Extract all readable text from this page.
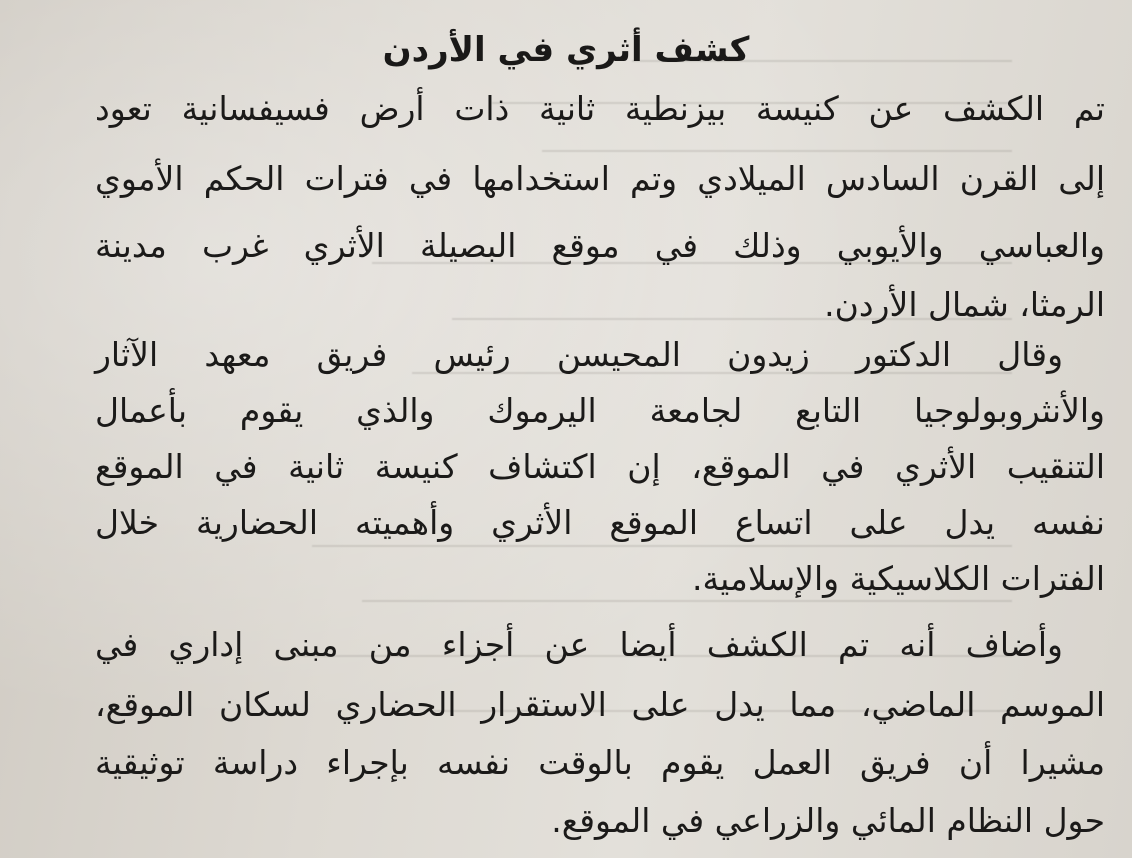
كشف أثري في الأردن
تم الكشف عن كنيسة بيزنطية ثانية ذات أرض فسيفسانية تعود
إلى القرن السادس الميلادي وتم استخدامها في فترات الحكم الأموي
والعباسي والأيوبي وذلك في موقع البصيلة الأثري غرب مدينة
الرمثا، شمال الأردن.
وقال الدكتور زيدون المحيسن رئيس فريق معهد الآثار
والأنثروبولوجيا التابع لجامعة اليرموك والذي يقوم بأعمال
التنقيب الأثري في الموقع، إن اكتشاف كنيسة ثانية في الموقع
نفسه يدل على اتساع الموقع الأثري وأهميته الحضارية خلال
الفترات الكلاسيكية والإسلامية.
وأضاف أنه تم الكشف أيضا عن أجزاء من مبنى إداري في
الموسم الماضي، مما يدل على الاستقرار الحضاري لسكان الموقع،
مشيرا أن فريق العمل يقوم بالوقت نفسه بإجراء دراسة توثيقية
حول النظام المائي والزراعي في الموقع.
